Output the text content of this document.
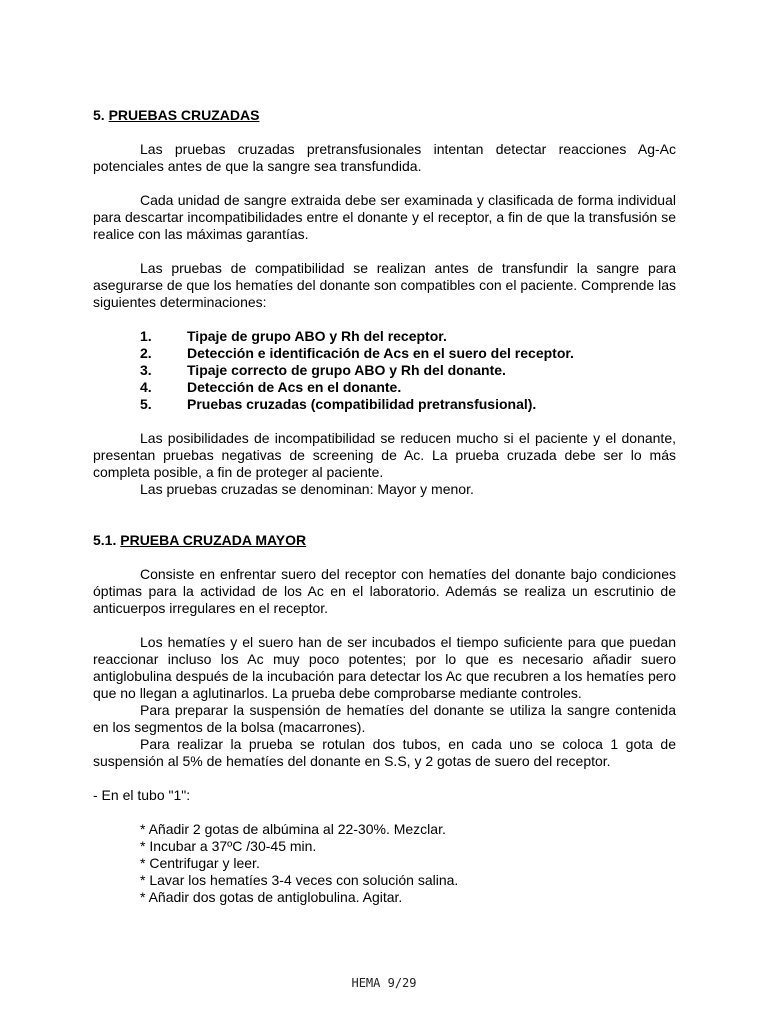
5. PRUEBAS CRUZADAS

Las pruebas cruzadas pretransfusionales intentan detectar reacciones Ag-Ac potenciales antes de que la sangre sea transfundida.

Cada unidad de sangre extraida debe ser examinada y clasificada de forma individual para descartar incompatibilidades entre el donante y el receptor, a fin de que la transfusión se realice con las máximas garantías.

Las pruebas de compatibilidad se realizan antes de transfundir la sangre para asegurarse de que los hematíes del donante son compatibles con el paciente. Comprende las siguientes determinaciones:

1.	Tipaje de grupo ABO y Rh del receptor.
2.	Detección e identificación de Acs en el suero del receptor.
3.	Tipaje correcto de grupo ABO y Rh del donante.
4.	Detección de Acs en el donante.
5.	Pruebas cruzadas (compatibilidad pretransfusional).

Las posibilidades de incompatibilidad se reducen mucho si el paciente y el donante, presentan pruebas negativas de screening de Ac. La prueba cruzada debe ser lo más completa posible, a fin de proteger al paciente.

Las pruebas cruzadas se denominan: Mayor y menor.

5.1. PRUEBA CRUZADA MAYOR

Consiste en enfrentar suero del receptor con hematíes del donante bajo condiciones óptimas para la actividad de los Ac en el laboratorio. Además se realiza un escrutinio de anticuerpos irregulares en el receptor.

Los hematíes y el suero han de ser incubados el tiempo suficiente para que puedan reaccionar incluso los Ac muy poco potentes; por lo que es necesario añadir suero antiglobulina después de la incubación para detectar los Ac que recubren a los hematíes pero que no llegan a aglutinarlos. La prueba debe comprobarse mediante controles.

Para preparar la suspensión de hematíes del donante se utiliza la sangre contenida en los segmentos de la bolsa (macarrones).

Para realizar la prueba se rotulan dos tubos, en cada uno se coloca 1 gota de suspensión al 5% de hematíes del donante en S.S, y 2 gotas de suero del receptor.

- En el tubo "1":

* Añadir 2 gotas de albúmina al 22-30%. Mezclar.
* Incubar a 37ºC /30-45 min.
* Centrifugar y leer.
* Lavar los hematíes 3-4 veces con solución salina.
* Añadir dos gotas de antiglobulina. Agitar.
HEMA 9/29
